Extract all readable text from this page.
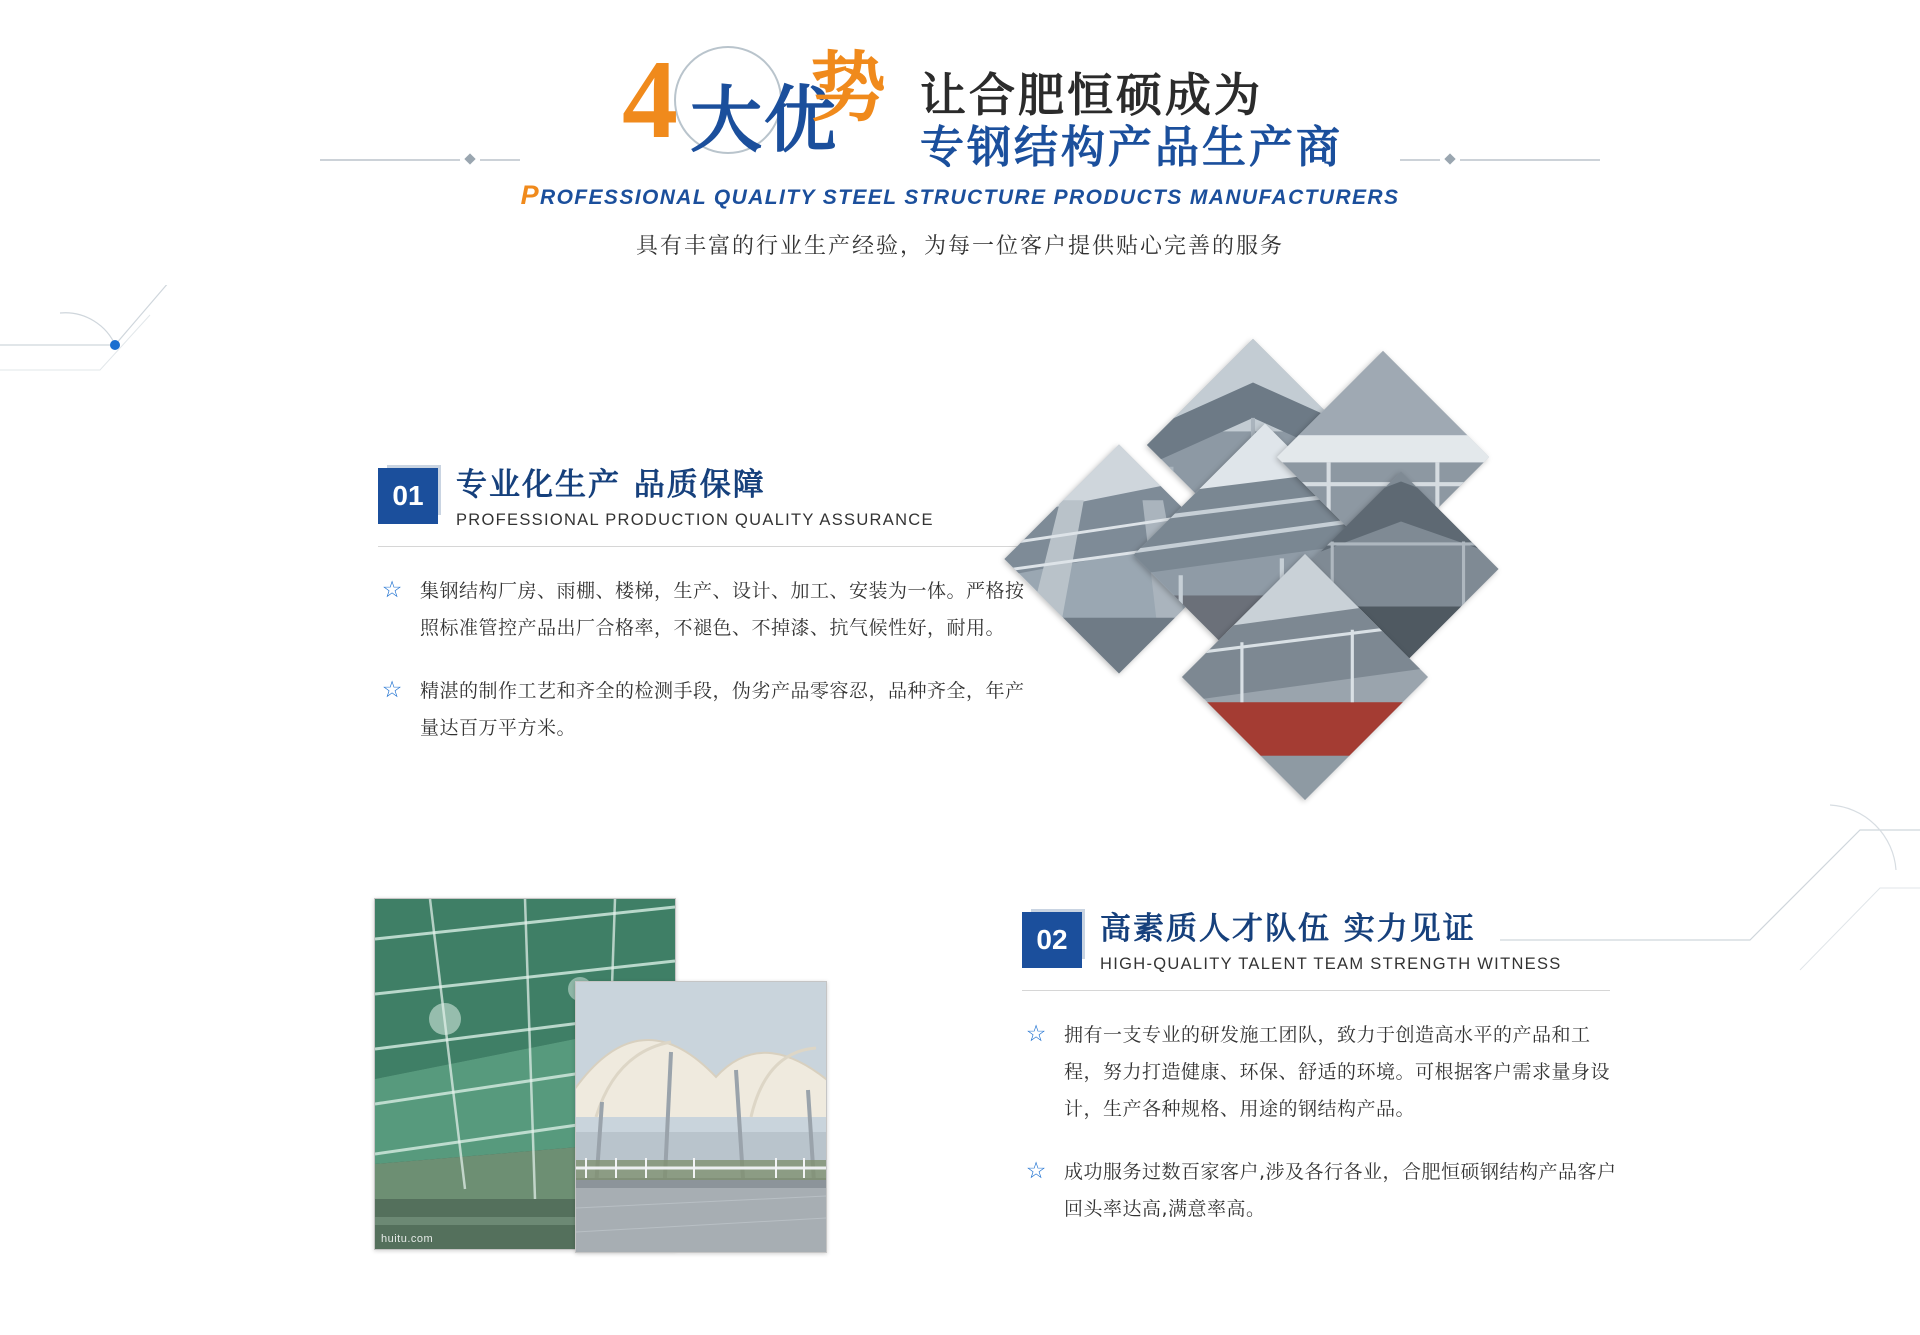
4 大优
势 让合肥恒硕成为
专钢结构产品生产商
PROFESSIONAL QUALITY STEEL STRUCTURE PRODUCTS MANUFACTURERS
具有丰富的行业生产经验，为每一位客户提供贴心完善的服务
01	专业化生产 品质保障
PROFESSIONAL PRODUCTION QUALITY ASSURANCE
☆ 集钢结构厂房、雨棚、楼梯，生产、设计、加工、安装为一体。严格按照标准管控产品出厂合格率，不褪色、不掉漆、抗气候性好，耐用。
☆ 精湛的制作工艺和齐全的检测手段，伪劣产品零容忍，品种齐全，年产量达百万平方米。
huitu.com
02	高素质人才队伍 实力见证
HIGH-QUALITY TALENT TEAM STRENGTH WITNESS
☆ 拥有一支专业的研发施工团队，致力于创造高水平的产品和工程，努力打造健康、环保、舒适的环境。可根据客户需求量身设计，生产各种规格、用途的钢结构产品。
☆ 成功服务过数百家客户,涉及各行各业，合肥恒硕钢结构产品客户回头率达高,满意率高。
